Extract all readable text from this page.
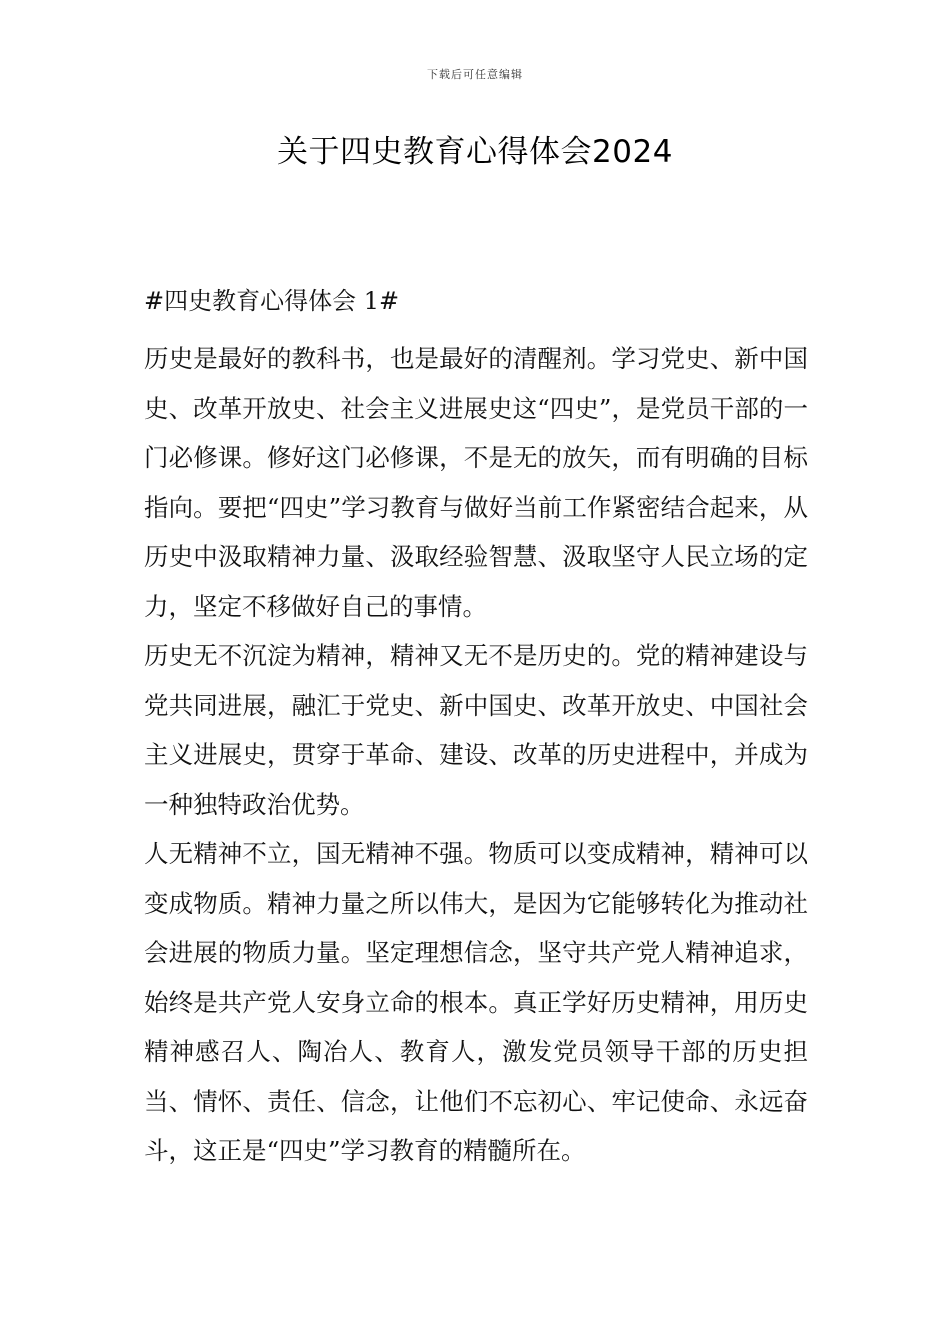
下载后可任意编辑
关于四史教育心得体会2024
#四史教育心得体会 1#

历史是最好的教科书，也是最好的清醒剂。学习党史、新中国史、改革开放史、社会主义进展史这“四史”，是党员干部的一门必修课。修好这门必修课，不是无的放矢，而有明确的目标指向。要把“四史”学习教育与做好当前工作紧密结合起来，从历史中汲取精神力量、汲取经验智慧、汲取坚守人民立场的定力，坚定不移做好自己的事情。

历史无不沉淀为精神，精神又无不是历史的。党的精神建设与党共同进展，融汇于党史、新中国史、改革开放史、中国社会主义进展史，贯穿于革命、建设、改革的历史进程中，并成为一种独特政治优势。

人无精神不立，国无精神不强。物质可以变成精神，精神可以变成物质。精神力量之所以伟大，是因为它能够转化为推动社会进展的物质力量。坚定理想信念，坚守共产党人精神追求，始终是共产党人安身立命的根本。真正学好历史精神，用历史精神感召人、陶冶人、教育人，激发党员领导干部的历史担当、情怀、责任、信念，让他们不忘初心、牢记使命、永远奋斗，这正是“四史”学习教育的精髓所在。
